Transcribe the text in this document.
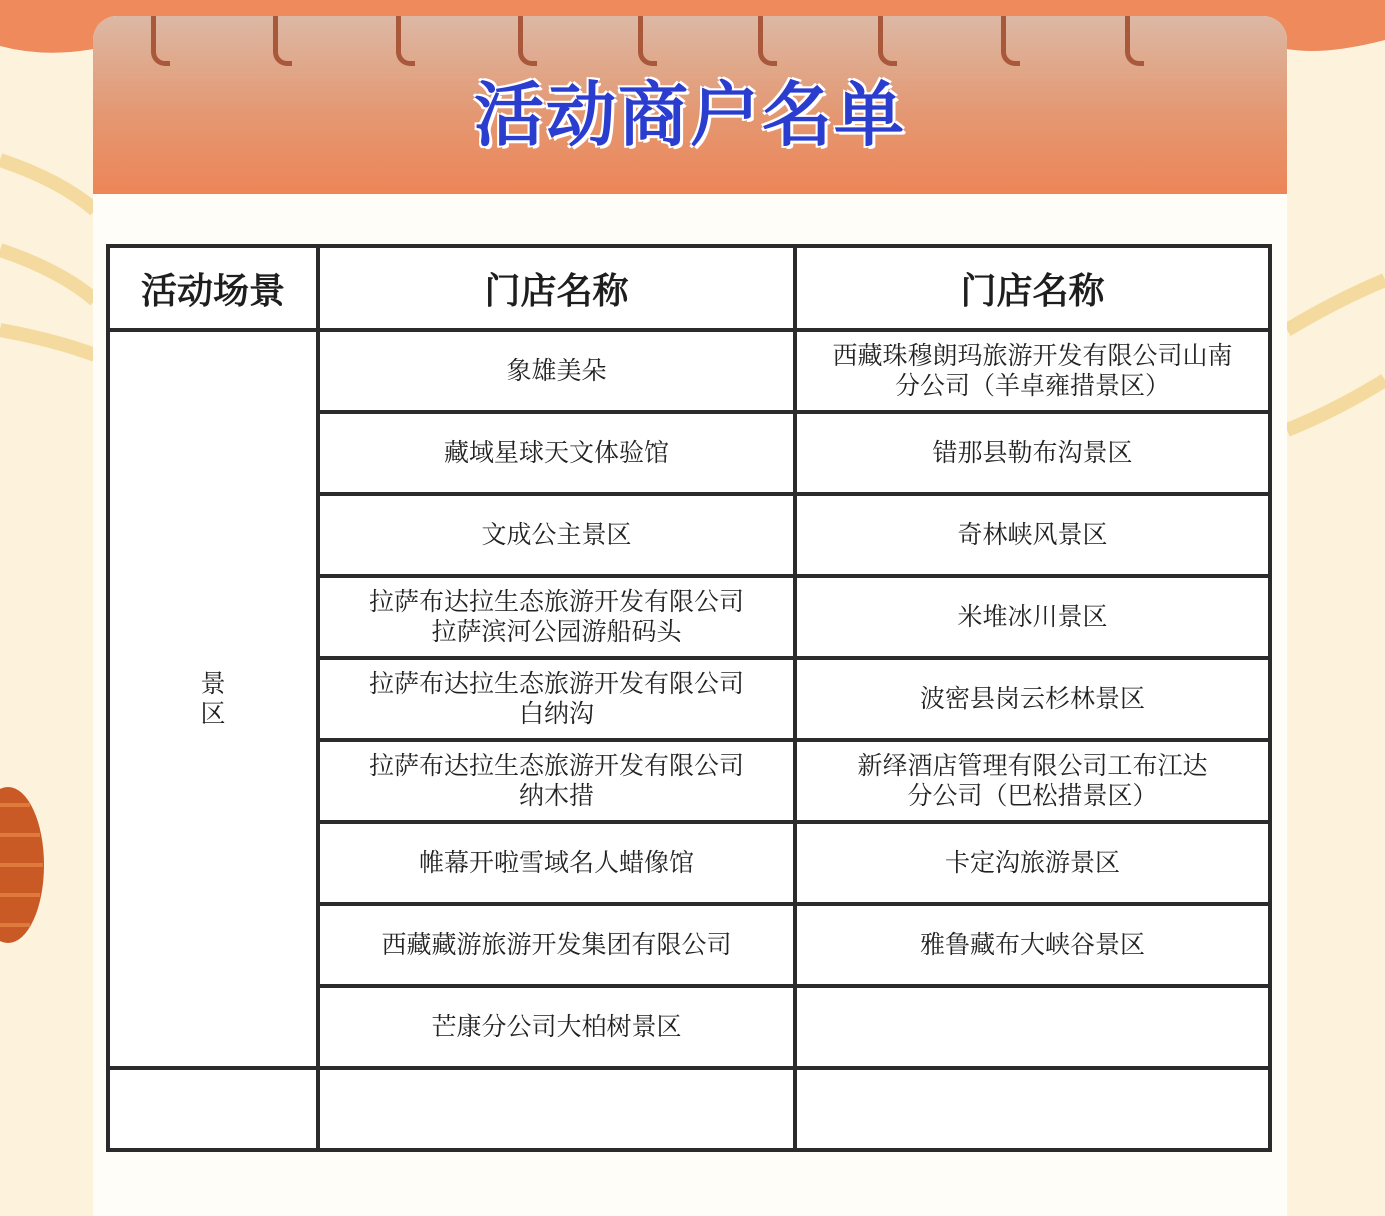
活动商户名单
活动场景	门店名称	门店名称

景
区	象雄美朵	西藏珠穆朗玛旅游开发有限公司山南
分公司（羊卓雍措景区）
	藏域星球天文体验馆	错那县勒布沟景区
	文成公主景区	奇林峡风景区
	拉萨布达拉生态旅游开发有限公司
拉萨滨河公园游船码头	米堆冰川景区
	拉萨布达拉生态旅游开发有限公司
白纳沟	波密县岗云杉林景区
	拉萨布达拉生态旅游开发有限公司
纳木措	新绎酒店管理有限公司工布江达
分公司（巴松措景区）
	帷幕开啦雪域名人蜡像馆	卡定沟旅游景区
	西藏藏游旅游开发集团有限公司	雅鲁藏布大峡谷景区
	芒康分公司大柏树景区	
